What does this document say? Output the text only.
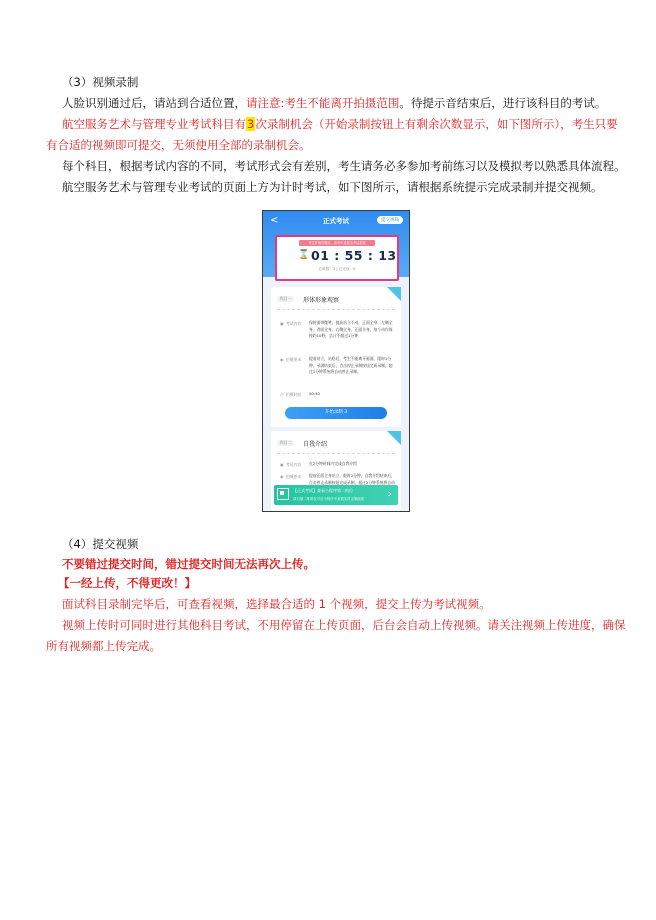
（3）视频录制

人脸识别通过后，请站到合适位置，请注意:考生不能离开拍摄范围。待提示音结束后，进行该科目的考试。

航空服务艺术与管理专业考试科目有3次录制机会（开始录制按钮上有剩余次数显示，如下图所示），考生只要有合适的视频即可提交，无须使用全部的录制机会。

每个科目，根据考试内容的不同，考试形式会有差别，考生请务必多参加考前练习以及模拟考以熟悉具体流程。

航空服务艺术与管理专业考试的页面上方为计时考试，如下图所示，请根据系统提示完成录制并提交视频。

<	正式考试	提交视频
考生开始答题后，请勿中途退出考试系统
⌛ 01 : 55 : 13
总科数：3 | 已完成：0
科目一	形体形象观察
▣ 考试内容	保持面带微笑，提前站立不动，正面全身、左侧全身、背面全身、右侧全身，正面半身。每个动作保持约10秒，总计不超过1分钟
◉ 拍摄要求	提前站立，站稳后，考生不能离开画面，限时1分钟，录满结束后，点击停止录制按钮完成录制，超过1分钟系统将自动停止录制。
◷ 拍摄时间	00:50
开始录制 3
科目二	自我介绍
▣ 考试内容	在2分钟时间内完成自我介绍
◉ 拍摄要求	提前正面全身站立，限时2分钟，自我介绍结束后，点击停止录制按钮完成录制，超过2分钟系统将自动
【正式考试】查看小程序第二机位
请扫描二维码在对应小程序中查看实时录制画面 ›

（4）提交视频

不要错过提交时间，错过提交时间无法再次上传。

【一经上传，不得更改！】

面试科目录制完毕后，可查看视频，选择最合适的 1 个视频，提交上传为考试视频。

视频上传时可同时进行其他科目考试，不用停留在上传页面，后台会自动上传视频。请关注视频上传进度，确保所有视频都上传完成。
